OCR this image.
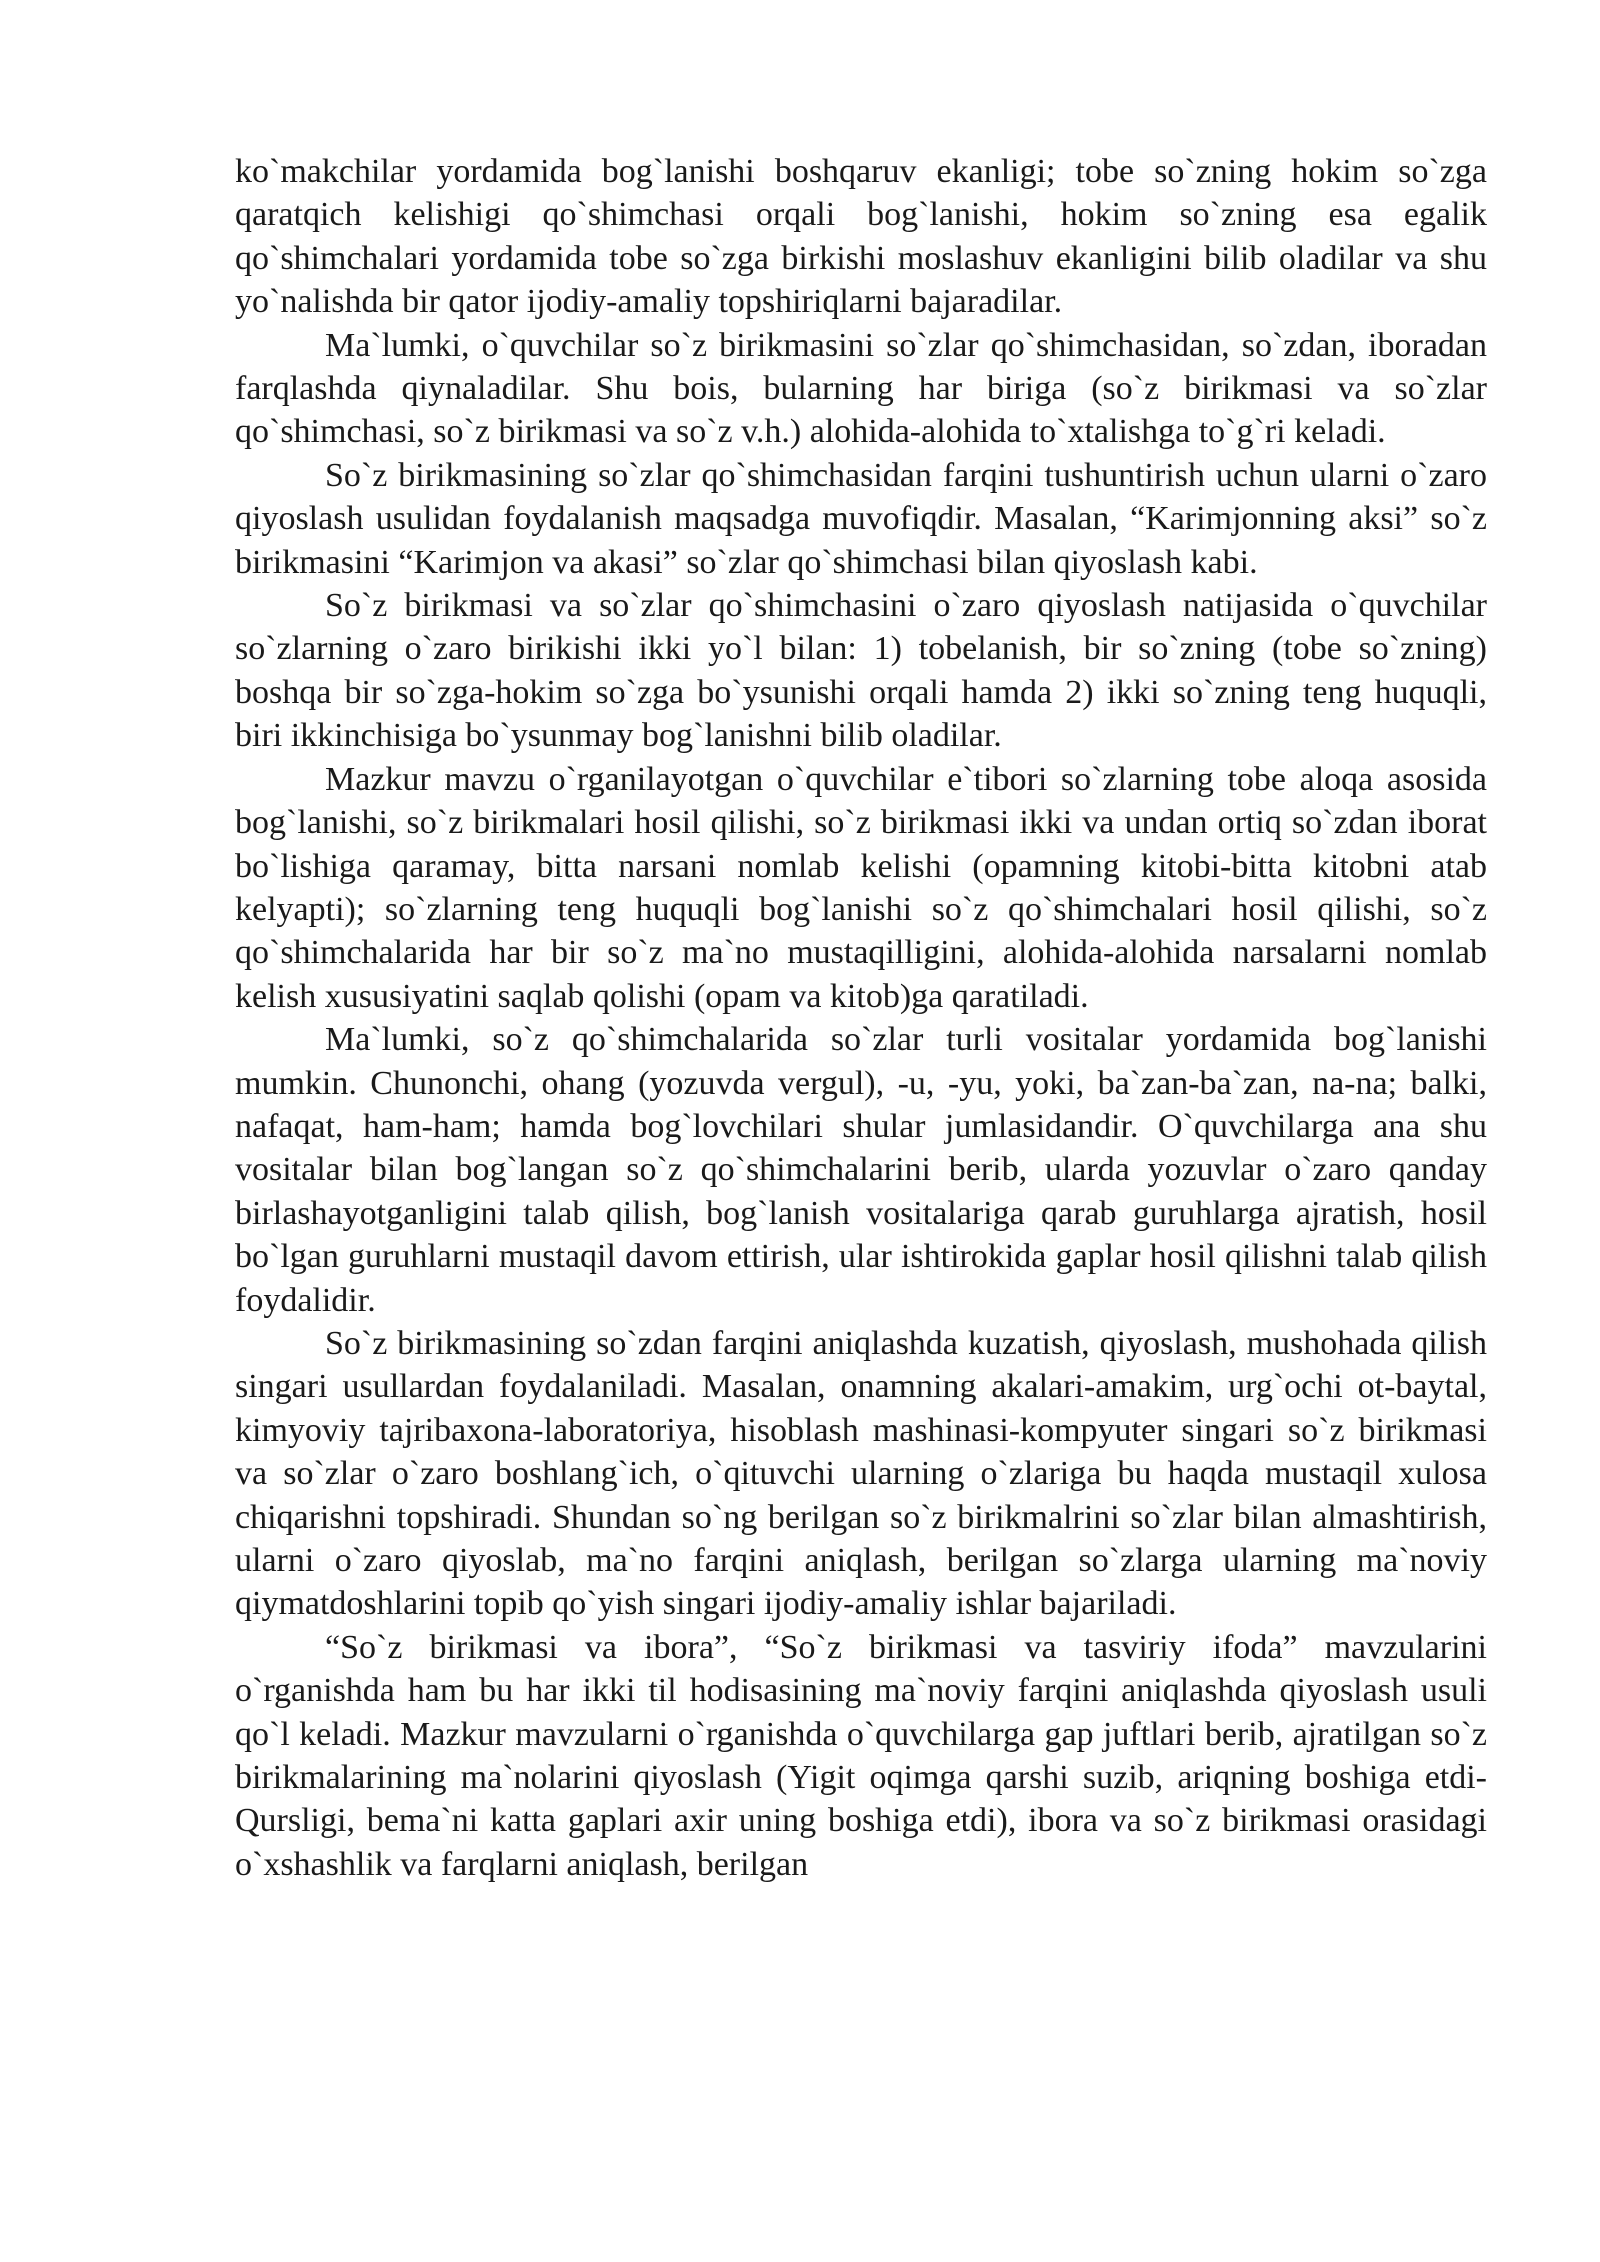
ko`makchilar yordamida bog`lanishi boshqaruv ekanligi; tobe so`zning hokim so`zga qaratqich kelishigi qo`shimchasi orqali bog`lanishi, hokim so`zning esa egalik qo`shimchalari yordamida tobe so`zga birkishi moslashuv ekanligini bilib oladilar va shu yo`nalishda bir qator ijodiy-amaliy topshiriqlarni bajaradilar.

Ma`lumki, o`quvchilar so`z birikmasini so`zlar qo`shimchasidan, so`zdan, iboradan farqlashda qiynaladilar. Shu bois, bularning har biriga (so`z birikmasi va so`zlar qo`shimchasi, so`z birikmasi va so`z v.h.) alohida-alohida to`xtalishga to`g`ri keladi.

So`z birikmasining so`zlar qo`shimchasidan farqini tushuntirish uchun ularni o`zaro qiyoslash usulidan foydalanish maqsadga muvofiqdir. Masalan, “Karimjonning aksi” so`z birikmasini “Karimjon va akasi” so`zlar qo`shimchasi bilan qiyoslash kabi.

So`z birikmasi va so`zlar qo`shimchasini o`zaro qiyoslash natijasida o`quvchilar so`zlarning o`zaro birikishi ikki yo`l bilan: 1) tobelanish, bir so`zning (tobe so`zning) boshqa bir so`zga-hokim so`zga bo`ysunishi orqali hamda 2) ikki so`zning teng huquqli, biri ikkinchisiga bo`ysunmay bog`lanishni bilib oladilar.

Mazkur mavzu o`rganilayotgan o`quvchilar e`tibori so`zlarning tobe aloqa asosida bog`lanishi, so`z birikmalari hosil qilishi, so`z birikmasi ikki va undan ortiq so`zdan iborat bo`lishiga qaramay, bitta narsani nomlab kelishi (opamning kitobi-bitta kitobni atab kelyapti); so`zlarning teng huquqli bog`lanishi so`z qo`shimchalari hosil qilishi, so`z qo`shimchalarida har bir so`z ma`no mustaqilligini, alohida-alohida narsalarni nomlab kelish xususiyatini saqlab qolishi (opam va kitob)ga qaratiladi.

Ma`lumki, so`z qo`shimchalarida so`zlar turli vositalar yordamida bog`lanishi mumkin. Chunonchi, ohang (yozuvda vergul), -u, -yu, yoki, ba`zan-ba`zan, na-na; balki, nafaqat, ham-ham; hamda bog`lovchilari shular jumlasidandir. O`quvchilarga ana shu vositalar bilan bog`langan so`z qo`shimchalarini berib, ularda yozuvlar o`zaro qanday birlashayotganligini talab qilish, bog`lanish vositalariga qarab guruhlarga ajratish, hosil bo`lgan guruhlarni mustaqil davom ettirish, ular ishtirokida gaplar hosil qilishni talab qilish foydalidir.

So`z birikmasining so`zdan farqini aniqlashda kuzatish, qiyoslash, mushohada qilish singari usullardan foydalaniladi. Masalan, onamning akalari-amakim, urg`ochi ot-baytal, kimyoviy tajribaxona-laboratoriya, hisoblash mashinasi-kompyuter singari so`z birikmasi va so`zlar o`zaro boshlang`ich, o`qituvchi ularning o`zlariga bu haqda mustaqil xulosa chiqarishni topshiradi. Shundan so`ng berilgan so`z birikmalrini so`zlar bilan almashtirish, ularni o`zaro qiyoslab, ma`no farqini aniqlash, berilgan so`zlarga ularning ma`noviy qiymatdoshlarini topib qo`yish singari ijodiy-amaliy ishlar bajariladi.

“So`z birikmasi va ibora”, “So`z birikmasi va tasviriy ifoda” mavzularini o`rganishda ham bu har ikki til hodisasining ma`noviy farqini aniqlashda qiyoslash usuli qo`l keladi. Mazkur mavzularni o`rganishda o`quvchilarga gap juftlari berib, ajratilgan so`z birikmalarining ma`nolarini qiyoslash (Yigit oqimga qarshi suzib, ariqning boshiga etdi-Qursligi, bema`ni katta gaplari axir uning boshiga etdi), ibora va so`z birikmasi orasidagi o`xshashlik va farqlarni aniqlash, berilgan
